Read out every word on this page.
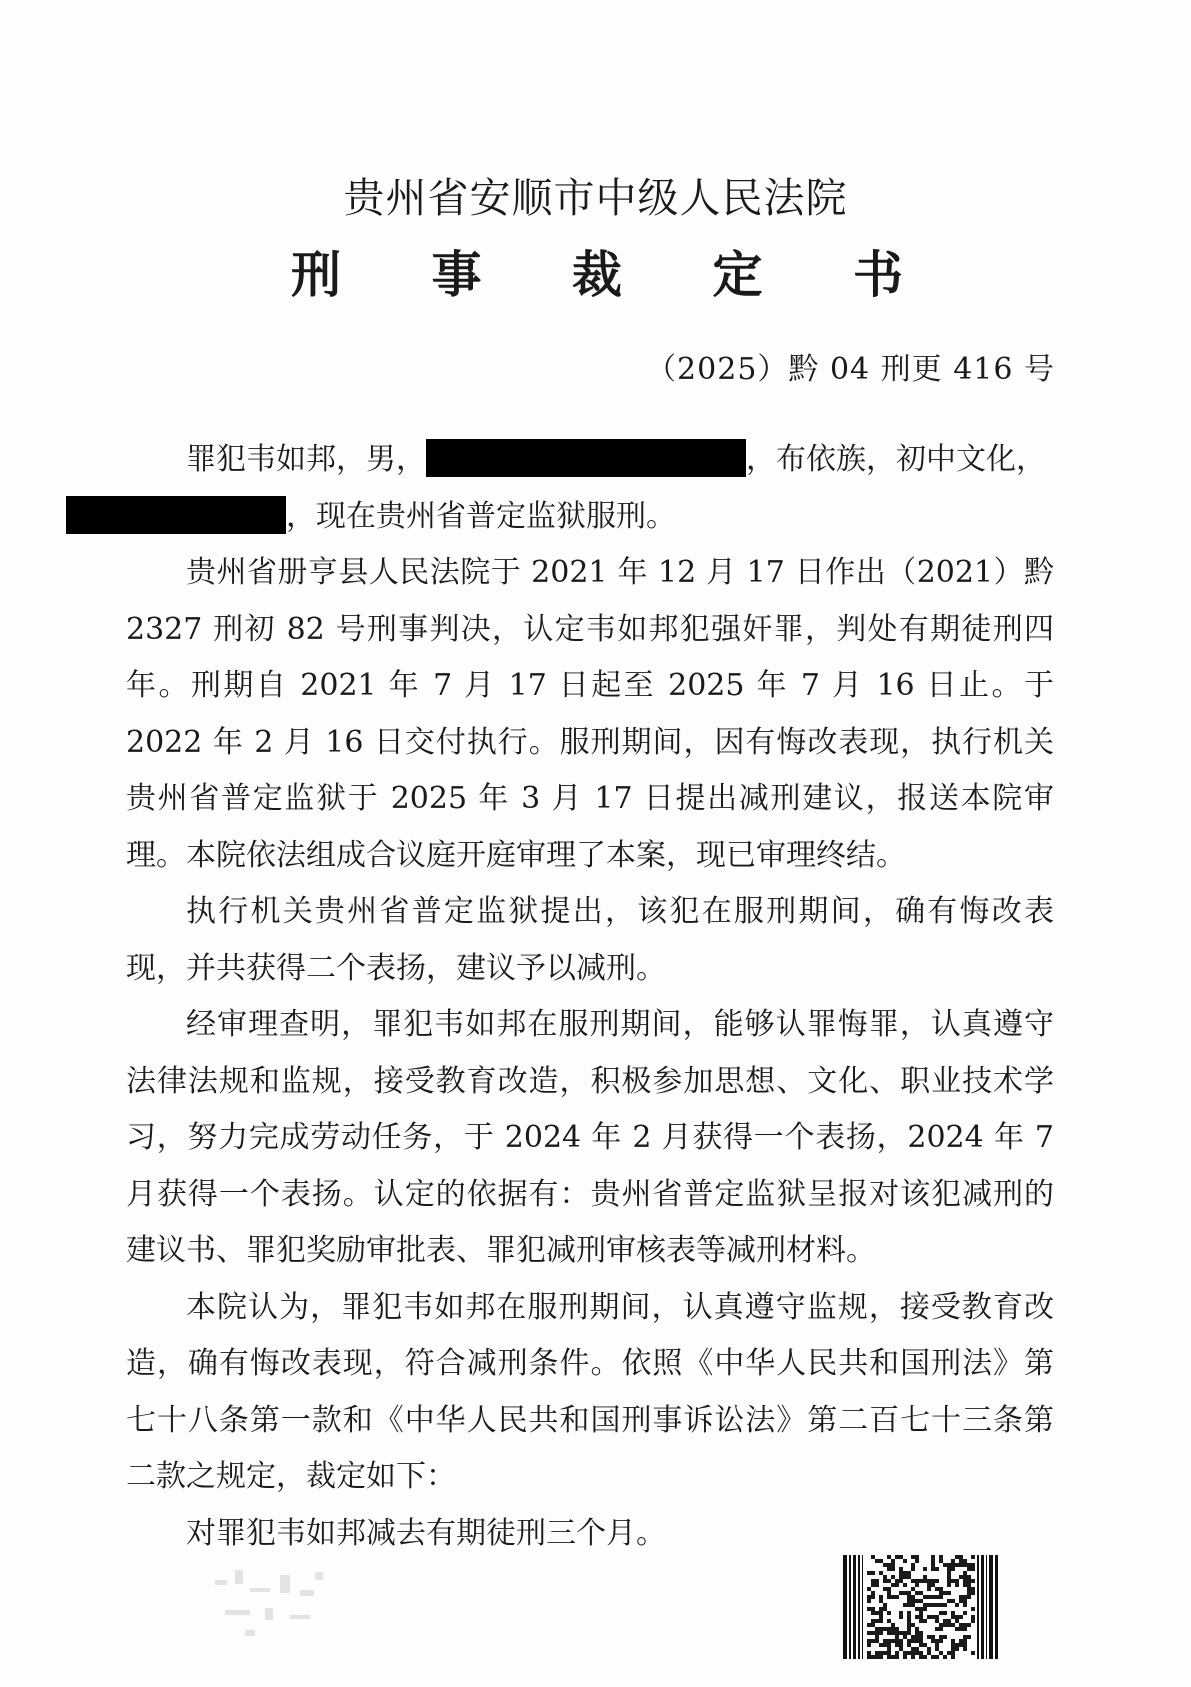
贵州省安顺市中级人民法院
刑 事 裁 定 书
（2025）黔 04 刑更 416 号

罪犯韦如邦，男，	，布依族，初中文化，
，现在贵州省普定监狱服刑。

贵州省册亨县人民法院于 2021 年 12 月 17 日作出（2021）黔 2327 刑初 82 号刑事判决，认定韦如邦犯强奸罪，判处有期徒刑四年。刑期自 2021 年 7 月 17 日起至 2025 年 7 月 16 日止。于 2022 年 2 月 16 日交付执行。服刑期间，因有悔改表现，执行机关贵州省普定监狱于 2025 年 3 月 17 日提出减刑建议，报送本院审理。本院依法组成合议庭开庭审理了本案，现已审理终结。

执行机关贵州省普定监狱提出，该犯在服刑期间，确有悔改表现，并共获得二个表扬，建议予以减刑。

经审理查明，罪犯韦如邦在服刑期间，能够认罪悔罪，认真遵守法律法规和监规，接受教育改造，积极参加思想、文化、职业技术学习，努力完成劳动任务，于 2024 年 2 月获得一个表扬，2024 年 7 月获得一个表扬。认定的依据有：贵州省普定监狱呈报对该犯减刑的建议书、罪犯奖励审批表、罪犯减刑审核表等减刑材料。

本院认为，罪犯韦如邦在服刑期间，认真遵守监规，接受教育改造，确有悔改表现，符合减刑条件。依照《中华人民共和国刑法》第七十八条第一款和《中华人民共和国刑事诉讼法》第二百七十三条第二款之规定，裁定如下：

对罪犯韦如邦减去有期徒刑三个月。
